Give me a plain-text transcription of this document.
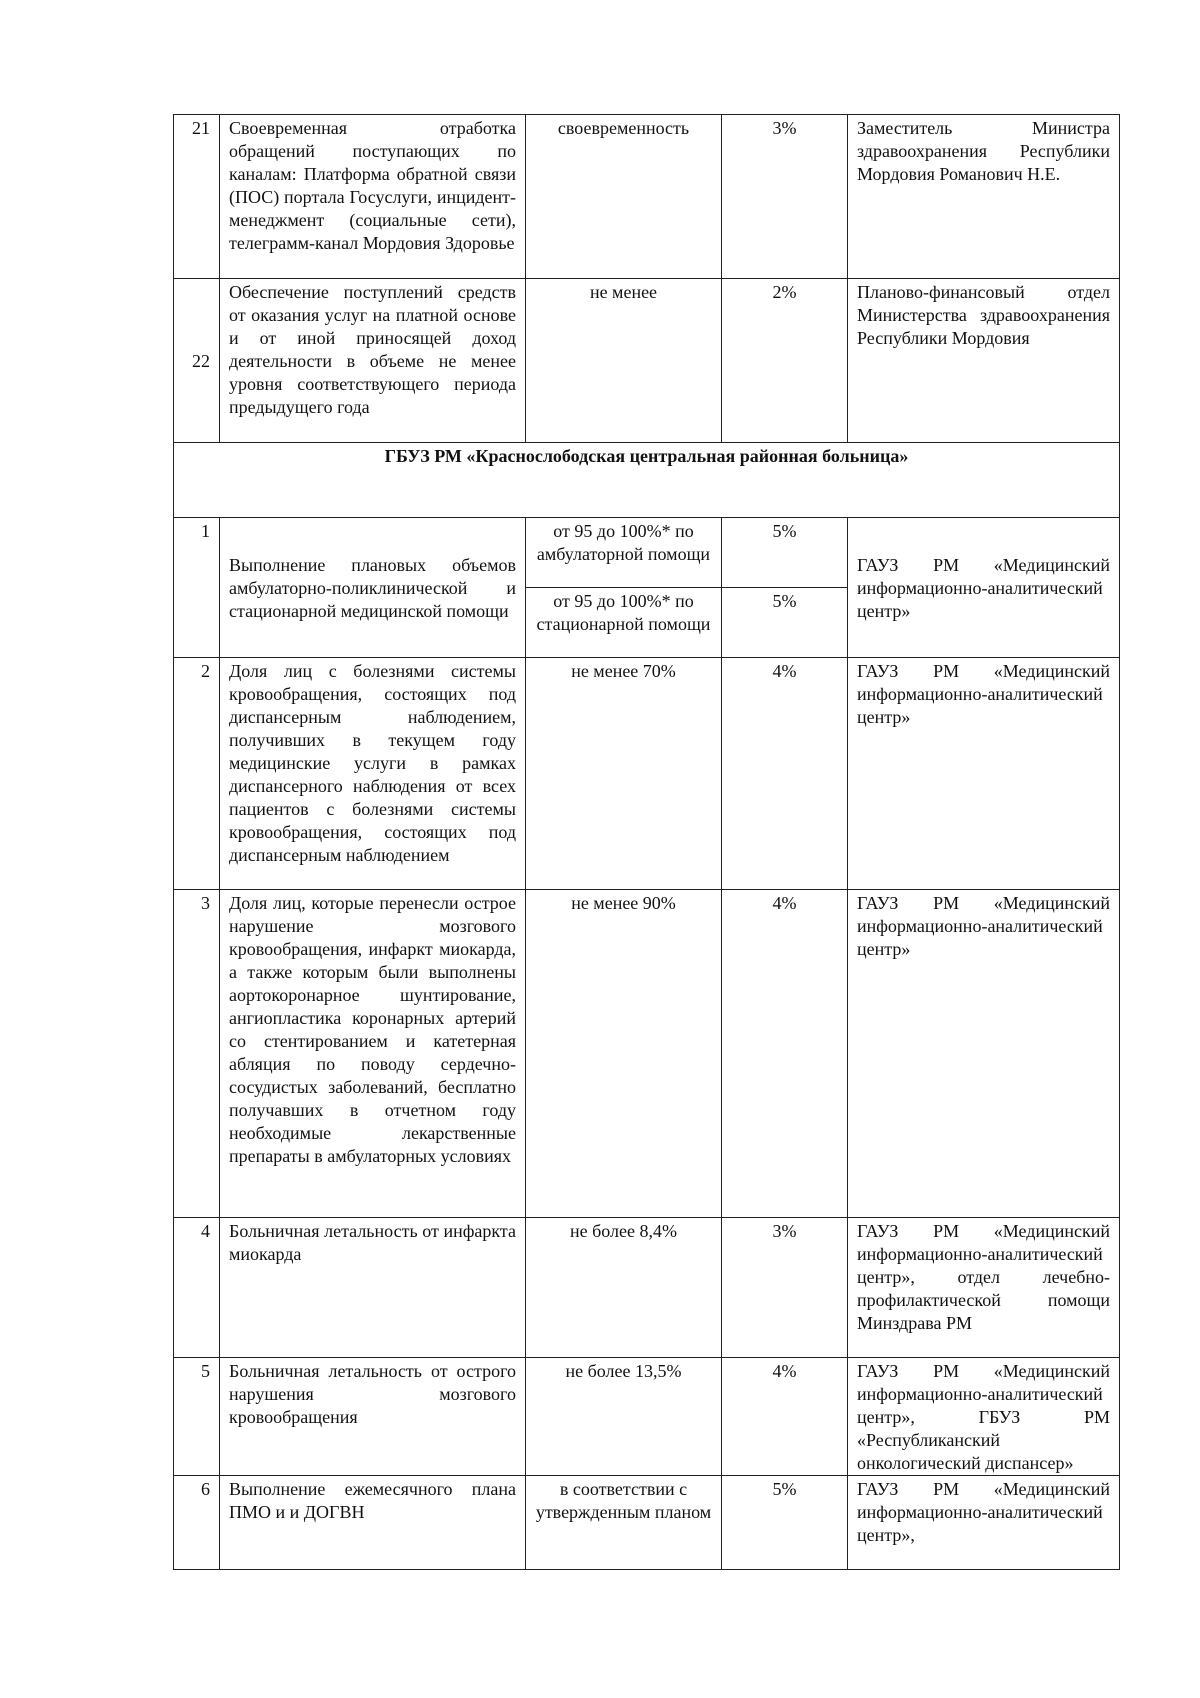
21	Своевременная отработка обращений поступающих по каналам: Платформа обратной связи (ПОС) портала Госуслуги, инцидент-менеджмент (социальные сети), телеграмм-канал Мордовия Здоровье	своевременность	3%	Заместитель Министра здравоохранения Республики Мордовия Романович Н.Е.
22	Обеспечение поступлений средств от оказания услуг на платной основе и от иной приносящей доход деятельности в объеме не менее уровня соответствующего периода предыдущего года	не менее	2%	Планово-финансовый отдел Министерства здравоохранения Республики Мордовия
ГБУЗ РМ «Краснослободская центральная районная больница»				
1	Выполнение плановых объемов амбулаторно-поликлинической и стационарной медицинской помощи	от 95 до 100%* по амбулаторной помощи	5%	ГАУЗ РМ «Медицинский информационно-аналитический центр»
		от 95 до 100%* по стационарной помощи	5%	
2	Доля лиц с болезнями системы кровообращения, состоящих под диспансерным наблюдением, получивших в текущем году медицинские услуги в рамках диспансерного наблюдения от всех пациентов с болезнями системы кровообращения, состоящих под диспансерным наблюдением	не менее 70%	4%	ГАУЗ РМ «Медицинский информационно-аналитический центр»
3	Доля лиц, которые перенесли острое нарушение мозгового кровообращения, инфаркт миокарда, а также которым были выполнены аортокоронарное шунтирование, ангиопластика коронарных артерий со стентированием и катетерная абляция по поводу сердечно-сосудистых заболеваний, бесплатно получавших в отчетном году необходимые лекарственные препараты в амбулаторных условиях	не менее 90%	4%	ГАУЗ РМ «Медицинский информационно-аналитический центр»
4	Больничная летальность от инфаркта миокарда	не более 8,4%	3%	ГАУЗ РМ «Медицинский информационно-аналитический центр», отдел лечебно-профилактической помощи Минздрава РМ
5	Больничная летальность от острого нарушения мозгового кровообращения	не более 13,5%	4%	ГАУЗ РМ «Медицинский информационно-аналитический центр», ГБУЗ РМ «Республиканский онкологический диспансер»
6	Выполнение ежемесячного плана ПМО и и ДОГВН	в соответствии с утвержденным планом	5%	ГАУЗ РМ «Медицинский информационно-аналитический центр»,
